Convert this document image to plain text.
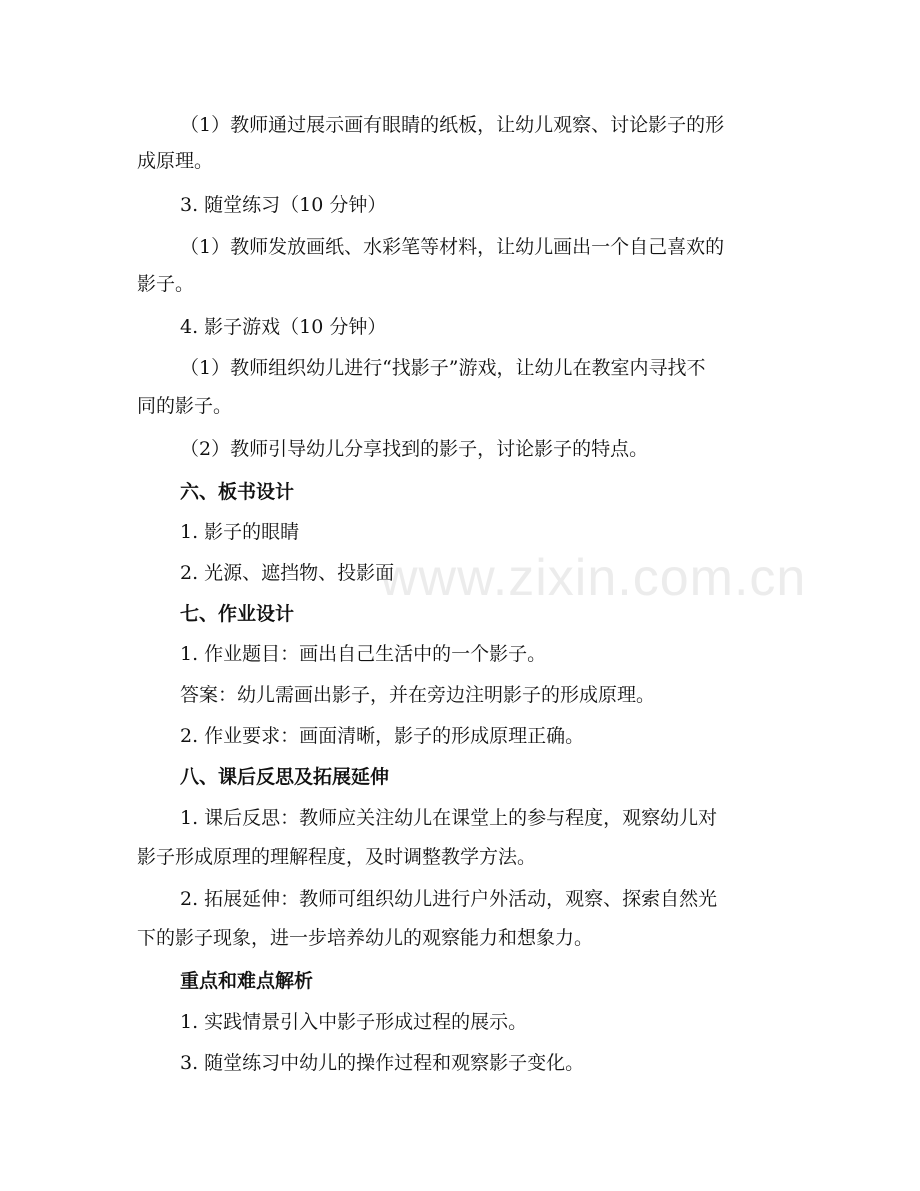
（1）教师通过展示画有眼睛的纸板，让幼儿观察、讨论影子的形
成原理。
3. 随堂练习（10 分钟）
（1）教师发放画纸、水彩笔等材料，让幼儿画出一个自己喜欢的
影子。
4. 影子游戏（10 分钟）
（1）教师组织幼儿进行“找影子”游戏，让幼儿在教室内寻找不
同的影子。
（2）教师引导幼儿分享找到的影子，讨论影子的特点。
六、板书设计
1. 影子的眼睛
2. 光源、遮挡物、投影面
七、作业设计
1. 作业题目：画出自己生活中的一个影子。
答案：幼儿需画出影子，并在旁边注明影子的形成原理。
2. 作业要求：画面清晰，影子的形成原理正确。
八、课后反思及拓展延伸
1. 课后反思：教师应关注幼儿在课堂上的参与程度，观察幼儿对
影子形成原理的理解程度，及时调整教学方法。
2. 拓展延伸：教师可组织幼儿进行户外活动，观察、探索自然光
下的影子现象，进一步培养幼儿的观察能力和想象力。
重点和难点解析
1. 实践情景引入中影子形成过程的展示。
3. 随堂练习中幼儿的操作过程和观察影子变化。
www.zixin.com.cn
